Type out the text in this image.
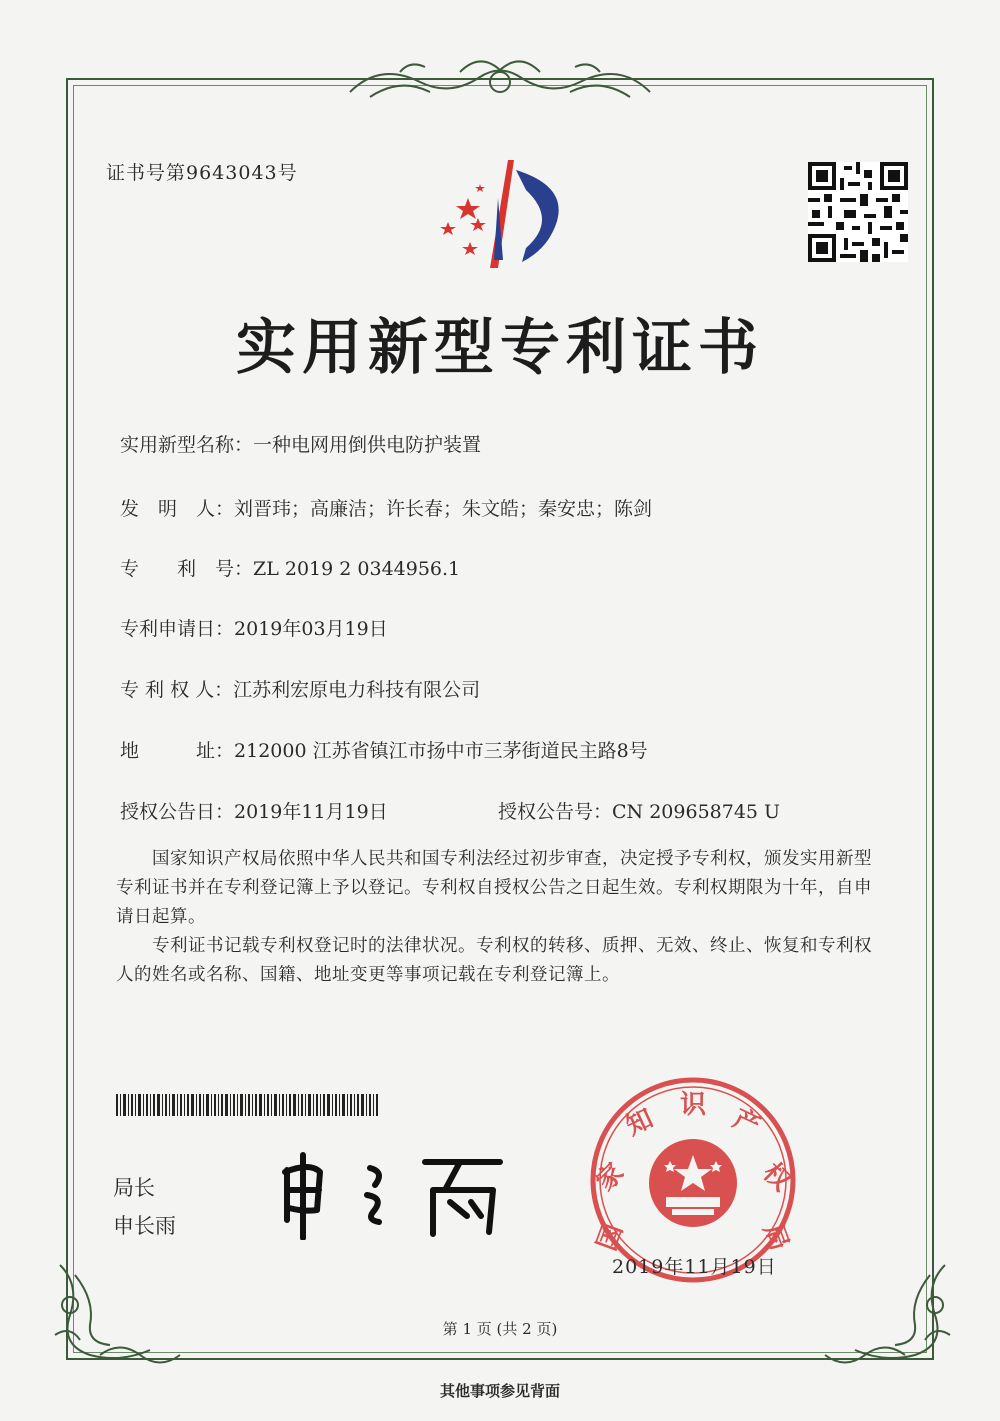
证书号第9643043号
实用新型专利证书
实用新型名称：一种电网用倒供电防护装置
发　明　人：刘晋玮；高廉洁；许长春；朱文皓；秦安忠；陈剑
专　　利　号：ZL 2019 2 0344956.1
专利申请日：2019年03月19日
专 利 权 人：江苏利宏原电力科技有限公司
地　　　址：212000 江苏省镇江市扬中市三茅街道民主路8号
授权公告日：2019年11月19日	授权公告号：CN 209658745 U
国家知识产权局依照中华人民共和国专利法经过初步审查，决定授予专利权，颁发实用新型专利证书并在专利登记簿上予以登记。专利权自授权公告之日起生效。专利权期限为十年，自申请日起算。
专利证书记载专利权登记时的法律状况。专利权的转移、质押、无效、终止、恢复和专利权人的姓名或名称、国籍、地址变更等事项记载在专利登记簿上。
局长
申长雨	国
家
知 识 产
权
局
2019年11月19日
第 1 页 (共 2 页)
其他事项参见背面
